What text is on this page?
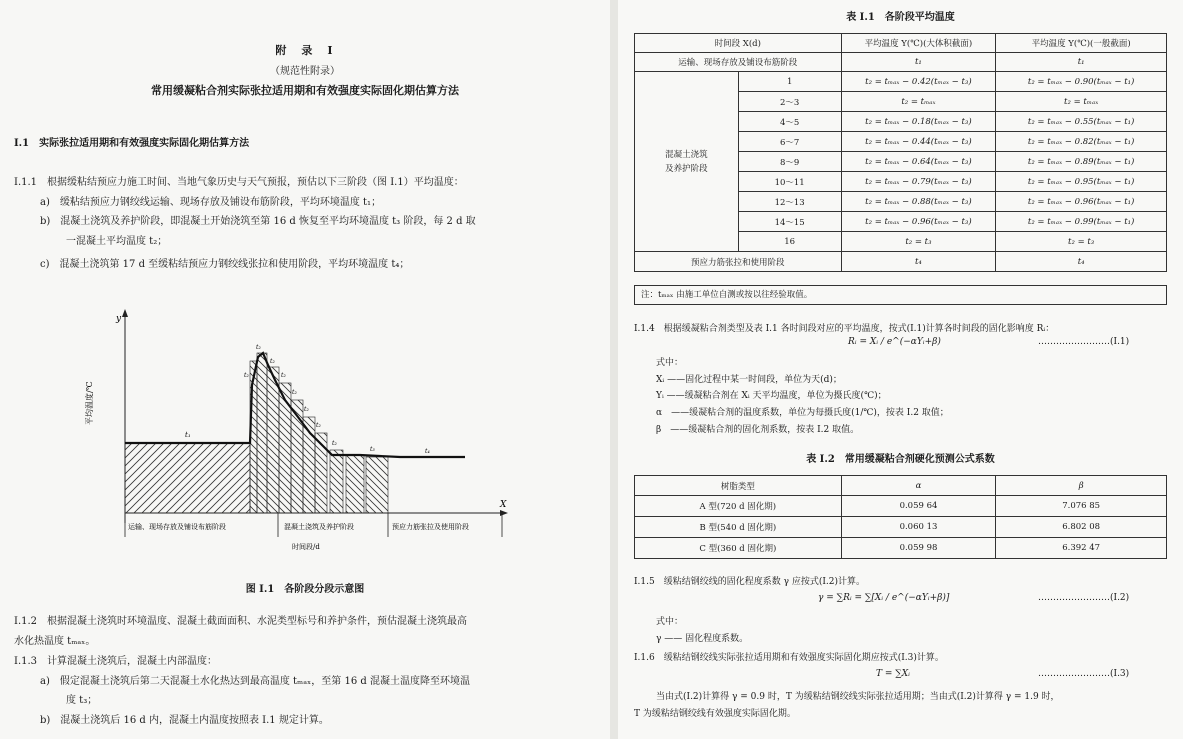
附　录　I
（规范性附录）
常用缓凝粘合剂实际张拉适用期和有效强度实际固化期估算方法
I.1　实际张拉适用期和有效强度实际固化期估算方法
I.1.1　根据缓粘结预应力施工时间、当地气象历史与天气预报，预估以下三阶段（图 I.1）平均温度：
a)　缓粘结预应力钢绞线运输、现场存放及铺设布筋阶段，平均环境温度 t₁；
b)　混凝土浇筑及养护阶段，即混凝土开始浇筑至第 16 d 恢复至平均环境温度 t₃ 阶段，每 2 d 取
一混凝土平均温度 t₂；
c)　混凝土浇筑第 17 d 至缓粘结预应力钢绞线张拉和使用阶段，平均环境温度 t₄；
y
X
平均温度/℃
t₁
t₂
t₂
t₂
t₂
t₂
t₂
t₂
t₂
t₃	t₄
运输、现场存放及铺设布筋阶段	混凝土浇筑及养护阶段	预应力筋张拉及使用阶段
时间段/d
图 I.1　各阶段分段示意图
I.1.2　根据混凝土浇筑时环境温度、混凝土截面面积、水泥类型标号和养护条件，预估混凝土浇筑最高
水化热温度 tₘₐₓ。
I.1.3　计算混凝土浇筑后，混凝土内部温度：
a)　假定混凝土浇筑后第二天混凝土水化热达到最高温度 tₘₐₓ，至第 16 d 混凝土温度降至环境温
度 t₃；
b)　混凝土浇筑后 16 d 内，混凝土内温度按照表 I.1 规定计算。
表 I.1　各阶段平均温度
时间段 X(d)		平均温度 Y(℃)(大体积截面)	平均温度 Y(℃)(一般截面)
运输、现场存放及铺设布筋阶段		t₁	t₁
混凝土浇筑
及养护阶段	1	t₂ = tₘₐₓ − 0.42(tₘₐₓ − t₃)	t₂ = tₘₐₓ − 0.90(tₘₐₓ − t₁)
	2～3	t₂ = tₘₐₓ	t₂ = tₘₐₓ
	4～5	t₂ = tₘₐₓ − 0.18(tₘₐₓ − t₃)	t₂ = tₘₐₓ − 0.55(tₘₐₓ − t₁)
	6～7	t₂ = tₘₐₓ − 0.44(tₘₐₓ − t₃)	t₂ = tₘₐₓ − 0.82(tₘₐₓ − t₁)
	8～9	t₂ = tₘₐₓ − 0.64(tₘₐₓ − t₃)	t₂ = tₘₐₓ − 0.89(tₘₐₓ − t₁)
	10～11	t₂ = tₘₐₓ − 0.79(tₘₐₓ − t₃)	t₂ = tₘₐₓ − 0.95(tₘₐₓ − t₁)
	12～13	t₂ = tₘₐₓ − 0.88(tₘₐₓ − t₃)	t₂ = tₘₐₓ − 0.96(tₘₐₓ − t₁)
	14～15	t₂ = tₘₐₓ − 0.96(tₘₐₓ − t₃)	t₂ = tₘₐₓ − 0.99(tₘₐₓ − t₁)
	16	t₂ = t₃	t₂ = t₃
预应力筋张拉和使用阶段		t₄	t₄
注：tₘₐₓ 由施工单位自测或按以往经验取值。
I.1.4　根据缓凝粘合剂类型及表 I.1 各时间段对应的平均温度，按式(I.1)计算各时间段的固化影响度 Rᵢ：
Rᵢ = Xᵢ / e^(−αYᵢ+β)	……………………(I.1)
式中：
Xᵢ ——固化过程中某一时间段，单位为天(d)；
Yᵢ ——缓凝粘合剂在 Xᵢ 天平均温度，单位为摄氏度(℃)；
α　——缓凝粘合剂的温度系数，单位为每摄氏度(1/℃)，按表 I.2 取值；
β　——缓凝粘合剂的固化剂系数，按表 I.2 取值。
表 I.2　常用缓凝粘合剂硬化预测公式系数
树脂类型	α	β
A 型(720 d 固化期)	0.059 64	7.076 85
B 型(540 d 固化期)	0.060 13	6.802 08
C 型(360 d 固化期)	0.059 98	6.392 47
I.1.5　缓粘结钢绞线的固化程度系数 γ 应按式(I.2)计算。
γ = ∑Rᵢ = ∑[Xᵢ / e^(−αYᵢ+β)]	……………………(I.2)
式中：
γ —— 固化程度系数。
I.1.6　缓粘结钢绞线实际张拉适用期和有效强度实际固化期应按式(I.3)计算。
T = ∑Xᵢ	……………………(I.3)
当由式(I.2)计算得 γ = 0.9 时，T 为缓粘结钢绞线实际张拉适用期；当由式(I.2)计算得 γ = 1.9 时，
T 为缓粘结钢绞线有效强度实际固化期。
